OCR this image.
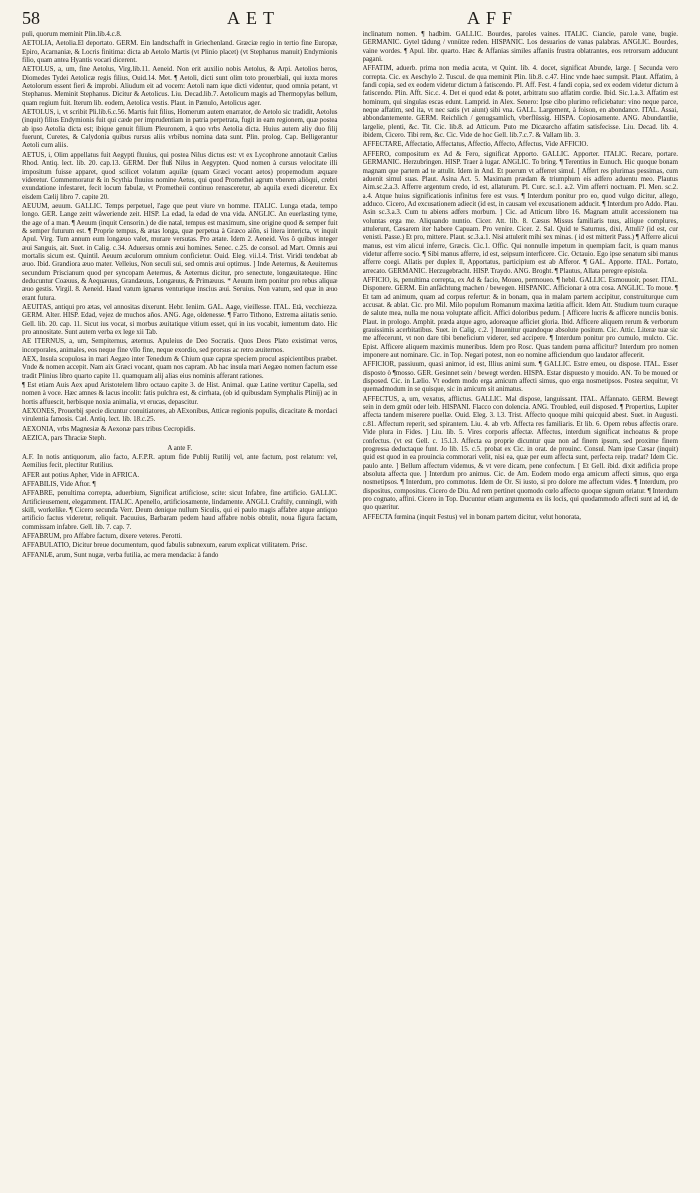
58	AET	AFF

puli, quorum meminit Plin.lib.4.c.8.

AETOLIA, Aetolia.El deportato. GERM. Ein landtschafft in Griechenland. Græciæ regio in tertio fine Europæ, Epiro, Acarnaniæ, & Locris finitima: dicta ab Aetolo Martis (vt Plinio placet) (vt Stephanus manuit) Endymionis filio, quam antea Hyantis vocari dicerent.

AETOLUS, a, um, fine Aetolus, Virg.lib.11. Aeneid. Non erit auxilio nobis Aetolus, & Arpi. Aetolios heros, Diomedes Tydei Aetolicæ regis filius, Ouid.14. Met. ¶ Aetoli, dicti sunt olim toto prouerbiali, qui iuxta mores Aetolorum essent fieri & improbi. Aliudum eit ad vocem: Aetoli nam ique dicti videntur, quod omnia petant, vt Stephanus. Meminit Stephanus. Dicitur & Aetolicus. Liu. Decad.lib.7. Aetolicum magis ad Thermopylas bellum, quam regium fuit. Iterum lib. eodem, Aetolica vestis. Plaut. in Pænulo, Aetolicus ager.

AETOLUS, i, vt scribit Pli.lib.6.c.56. Martis fuit filius, Homerum autem enarrator, de Aetolo sic tradidit, Aetolus (inquit) filius Endymionis fuit qui cæde per imprudentiam in patria perpetrata, fugit in eam regionem, quæ postea ab ipso Aetolia dicta est; ibique genuit filium Pleuronem, à quo vrbs Aetolia dicta. Huius autem aliy duo filij fuerunt, Curetes, & Calydonia quibus rursus aliis vrbibus nomina data sunt. Plin. prolog. Cap. Belligerantur Aetoli cum aliis.

AETUS, i, Olim appellatus fuit Aegypti fluuius, qui postea Nilus dictus est: vt ex Lycophrone annotauit Cælius Rhod. Antiq. lect. lib. 20. cap.13. GERM. Der fluß Nilus in Aegypten. Quod nomen à cursus velocitate illi impositum fuisse apparet, quod scilicet volatum aquilæ (quam Græci vocant aetos) propemodum æquare videretur. Commemoratur & in Scythia fluuius nomine Aetus, qui quod Promethei agrum vberem aliòqui, crebri exundatione infestaret, fecit locum fabulæ, vt Prometheii continuo renasceretur, ab aquila exedi diceretur. Ex eisdem Cælij libro 7. capite 20.

AEUUM, aeuum. GALLIC. Temps perpetuel, l'age que peut viure vn homme. ITALIC. Lunga etada, tempo longo. GER. Lange zeitt wåweriende zeit. HISP. La edad, la edad de vna vida. ANGLIC. An euerlasting tyme, the age of a man. ¶ Aeuum (inquit Censorin.) de die natal, tempus est maximum, sine origine quod & semper fuit & semper futurum est. ¶ Proprie tempus, & ætas longa, quæ perpetua à Græco aiōn, si litera intericta, vt inquit Apul. Virg. Tum annum eum longæuo valet, murare versutas. Pro ætate. Idem 2. Aeneid. Vos ô quibus integer æui Sanguis, ait. Suet. in Calig. c.34. Aduersus omnis æui homines. Senec. c.25. de consol. ad Mart. Omnis æui mortalis sicum est. Quintil. Aeuum æculorum omnium conficietur. Ouid. Eleg. vii.l.4. Trist. Viridi tendebat ab æuo. Ibid. Grandiora æuo mater. Velleius, Non seculi sui, sed omnis æui optimus. ] Inde Aeternus, & Aeuiternus secundum Priscianum quod per syncopam Aeternus, & Aeternus dicitur, pro senectute, longæuitateque. Hinc deducuntur Coæuus, & Aequæuus, Grandæuus, Longæuus, & Primæuus. * Aeuum item ponitur pro rebus aliquæ æuo gestis. Virgil. 8. Aeneid. Haud vatum ignarus venturique inscius æui. Seruius. Non vatum, sed quæ in æuo erant futura.

AEUITAS, antiqui pro ætas, vel annositas dixerunt. Hebr. Ieniim. GAL. Aage, vieillesse. ITAL. Età, vecchiezza. GERM. Alter. HISP. Edad, vejez de muchos años. ANG. Age, oldenesse. ¶ Farro Tithono, Extrema aiitatis senio. Gell. lib. 20. cap. 11. Sicut ius vocat, si morbus æuitatique vitium esset, qui in ius vocabit, iumentum dato. Hic pro annositate. Sunt autem verba ex lege xii Tab.

AE ITERNUS, a, um, Sempiternus, æternus. Apuleius de Deo Socratis. Quos Deos Plato existimat veros, incorporales, animales, eos neque fine vllo fine, neque exordio, sed prorsus ac retro æuiternos.

AEX, Insula scopulosa in mari Aegæo inter Tenedum & Chium quæ capræ speciem procul aspicientibus præbet. Vnde & nomen accepit. Nam aix Græci vocant, quam nos capram. Ab hac insula mari Aegæo nomen factum esse tradit Plinius libro quarto capite 11. quamquam alij alias eius nominis afferant rationes.

¶ Est etiam Auis Aex apud Aristotelem libro octauo capite 3. de Hist. Animal. quæ Latine vertitur Capella, sed nomen à voce. Hæc amnes & lacus incolit: fatis pulchra est, & cirrhata, (ob id quibusdam Symphalis Plinij) ac in hortis affuescit, herbisque noxia animalia, vt erucas, depascitur.

AEXONES, Prouerbij specie dicuntur conuitiatores, ab AExonibus, Atticæ regionis populis, dicacitate & mordaci virulentia famosis. Cæl. Antiq. lect. lib. 18.c.25.

AEXONIA, vrbs Magnesiæ & Aexonæ pars tribus Cecropidis.

AEZICA, pars Thraciæ Steph.

A ante F.

A.F. In notis antiquorum, alio facto, A.F.P.R. aptum fide Publij Rutilij vel, ante factum, post relatum: vel, Aemilius fecit, plectitur Rutilius.

AFER aut potius Apher, Vide in AFRICA.

AFFABILIS, Vide Aftor. ¶

AFFABRE, penultima correpta, aduerbium, Significat artificiose, scite: sicut Infabre, fine artificio. GALLIC. Artificieusement, elegamment. ITALIC. Apenello, artificiosamente, lindamente. ANGLI. Craftily, cunningli, with skill, workelike. ¶ Cicero secunda Verr. Deum denique nullum Siculis, qui ei paulo magis affabre atque antiquo artificio factus videretur, reliquit. Pacuuius, Barbaram pedem haud affabre nobis obtulit, noua figura factam, commissam infabre. Gell. lib. 7. cap. 7.

AFFABRUM, pro Affabre factum, dixere veteres. Perotti.

AFFABULATIO, Dicitur breue documentum, quod fabulis subnexum, earum explicat vtilitatem. Prisc.

AFFANIÆ, arum, Sunt nugæ, verba futilia, ac mera mendacia: à fando

inclinatum nomen. ¶ hadbim. GALLIC. Bourdes, paroles vaines. ITALIC. Ciancie, parole vane, bugie. GERMANIC. Gytel tâdung / vnnütze reden. HISPANIC. Los desuarios de vanas palabras. ANGLIC. Bourdes, vaine wordes. ¶ Apul. libr. quarto. Hæc & Affanias similes affaniis frustra oblatrantes, eos retrorsum adducunt pagani.

AFFATIM, aduerb. prima non media acuta, vt Quint. lib. 4. docet, significat Abunde, large. [ Secunda vero correpta. Cic. ex Aeschylo 2. Tuscul. de qua meminit Plin. lib.8. c.47. Hinc vnde haec sumpsit. Plaut. Affatim, à fandi copia, sed ex eodem videtur dictum à fatiscendo. Pl. Aff. Fest. 4 fandi copia, sed ex eodem videtur dictum à fatiscendo. Plin. Afft. Sic.c. 4. Det ei quod edat & potet, arbitratu suo affatim cordie. Ibid. Sic.1.a.3. Affatim est hominum, qui singulas escas edunt. Lamprid. in Alex. Senero: Ipse cibo plurimo reficiebatur: vino neque parce, neque affatim, sed ita, vt nec satis (vt aiunt) sibi vna. GALL. Largement, à foison, en abondance. ITAL. Assai, abbondantemente. GERM. Reichlich / genugsamlich, vberflüssig. HISPA. Copiosamente. ANG. Abundantlie, largelie, plenti, &c. Tit. Cic. lib.8. ad Atticum. Puto me Dicæarcho affatim satisfecisse. Liu. Decad. lib. 4. ibidem, Cicero. Tibi rem, &c. Cic. Vide de hoc Gell. lib.7.c.7. & Vallam lib. 3.

AFFECTARE, Affectatio, Affectatus, Affectio, Affecto, Affectus, Vide AFFICIO.

AFFERO, compositum ex Ad & Fero, significat Apporto. GALLIC. Apporter. ITALIC. Recare, portare. GERMANIC. Herzubringen. HISP. Traer à lugar. ANGLIC. To bring. ¶ Terentius in Eunuch. Hic quoque bonam magnam que partem ad te attulit. Idem in And. Et puerum vt afferret simul. [ Affert res plurimas pessimas, cum aduenit simul suas. Plaut. Asina Act. 5. Maximam prædam & triumphum eis adfero aduentu meo. Plautus Aim.sc.2.a.3. Afferre argentum credo, id est, allaturum. Pl. Curc. sc.1. a.2. Vim afferri noctuam. Pl. Men. sc.2. a.4. Atque huius significationis infinitus fere est vsus. ¶ Interdum ponitur pro eo, quod vulgo dicitur, allego, adduco. Cicero, Ad excusationem adiecit (id est, in causam vel excusationem adducit. ¶ Interdum pro Addo. Plau. Asin sc.3.a.3. Cum tu abiens adfers morbum. ] Cic. ad Atticum libro 16. Magnam attulit accessionem tua voluntas erga me. Aliquando nuntio. Cicer. Att. lib. 8. Cæsus Missus familiaris tuus, aliique complures, attulerunt, Cæsarem iter habere Capuam. Pro venire. Cicer. 2. Sal. Quid te Saturnus, dixi, Attuli? (id est, cur venisti. Passe.) Et pro, mittere. Plaut. sc.3.a.1. Nisi attulerit mihi sex minas. ( id est mitterit Pass.) ¶ Afferre alicui manus, est vim alicui inferre, Græcis. Cic.1. Offic. Qui nonnulle impetum in quempiam facit, is quam manus videtur afferre socio. ¶ Sibi manus afferre, id est, seipsum interficere. Cic. Octauio. Ego ipse senatum sibi manus afferre coegi. Allatis per duplex ll, Apportatus, participium est ab Afferor. ¶ GAL. Apporte. ITAL. Portato, arrecato. GERMANIC. Herzugebracht. HISP. Traydo. ANG. Broght. ¶ Plautus, Allata peregre epistola.

AFFICIO, is, penultima correpta, ex Ad & facio, Moueo, permoueo. ¶ hebil. GALLIC. Esmouuoir, poser. ITAL. Disponere. GERM. Ein anfächtung machen / bewegen. HISPANIC. Afficionar à otra cosa. ANGLIC. To moue. ¶ Et tam ad animum, quam ad corpus refertur: & in bonam, qua in malam partem accipitur, construiturque cum accusat. & ablat. Cic. pro Mil. Milo populum Romanum maxima lætitia afficit. Idem Att. Studium tuum curaque de salute mea, nulla me noua voluptate afficit. Affici doloribus pedum. [ Afficere lucris & afficere nunciis bonis. Plaut. in prologo. Amphit. præda atque agro, adoreaque afficiet gloria. Ibid. Afficere aliquem rerum & verborum grauissimis acerbitatibus. Suet. in Calig. c.2. ] Inuenitur quandoque absolute positum. Cic. Attic. Literæ tuæ sic me affecerunt, vt non dare tibi beneficium viderer, sed accipere. ¶ Interdum ponitur pro cumulo, mulcto. Cic. Epist. Afficere aliquem maximis muneribus. Idem pro Rosc. Quas tandem pœna afficitur? Interdum pro nomen imponere aut nominare. Cic. in Top. Negari potest, non eo nomine afficiendum quo laudator affecerit.

AFFICIOR, passiuum, quasi animor, id est, Illius animi sum. ¶ GALLIC. Estre emeu, ou dispose. ITAL. Esser disposto ò ¶mosso. GER. Gesinnet sein / bewegt werden. HISPA. Estar dispuesto y mouido. AN. To be moued or disposed. Cic. in Lælio. Vt eodem modo erga amicum affecti simus, quo erga nosmetipsos. Postea sequitur, Vt quemadmodum in se quisque, sic in amicum sit animatus.

AFFECTUS, a, um, vexatus, afflictus. GALLIC. Mal dispose, languissant. ITAL. Affannato. GERM. Bewegt sein in dem gmüt oder leib. HISPANI. Flacco con dolencia. ANG. Troubled, euil disposed. ¶ Propertius, Lupiter affecta tandem miserere puellæ. Ouid. Eleg. 3. l.3. Trist. Affecto quoque mihi quicquid abest. Suet. in Augusti. c.81. Affectum reperit, sed spirantem. Liu. 4. ab vrb. Affecta res familiaris. Et lib. 6. Opem rebus affectis orare. Vide plura in Fides. ] Liu. lib. 5. Vires corporis affectæ. Affectus, interdum significat inchoatus & prope confectus. (vt est Gell. c. 15.l.3. Affecta ea proprie dicuntur quæ non ad finem ipsum, sed proxime finem progressa deductaque funt. Jo lib. 15. c.5. probat ex Cic. in orat. de prouinc. Consul. Nam ipse Cæsar (inquit) quid est quod in ea prouincia commorari velit, nisi ea, quæ per eum affecta sunt, perfecta reip. tradat? Idem Cic. paulo ante. ] Bellum affectum videmus, & vt vere dicam, pene confectum. [ Et Gell. ibid. dixit ædificia prope absoluta affecta que. ] Interdum pro animus. Cic. de Am. Eodem modo erga amicum affecti simus, quo erga nosmetipsos. ¶ Interdum, pro commotus. Idem de Or. Si iusto, si pro dolore me affectum vides. ¶ Interdum, pro dispositus, compositus. Cicero de Diu. Ad rem pertinet quomodo cœlo affecto quoque signum oriatur. ¶ Interdum pro cognato, affini. Cicero in Top. Ducuntur etiam argumenta ex iis locis, qui quodammodo affecti sunt ad id, de quo quæritur.

AFFECTA fœmina (inquit Festus) vel in bonam partem dicitur, velut honorata,
